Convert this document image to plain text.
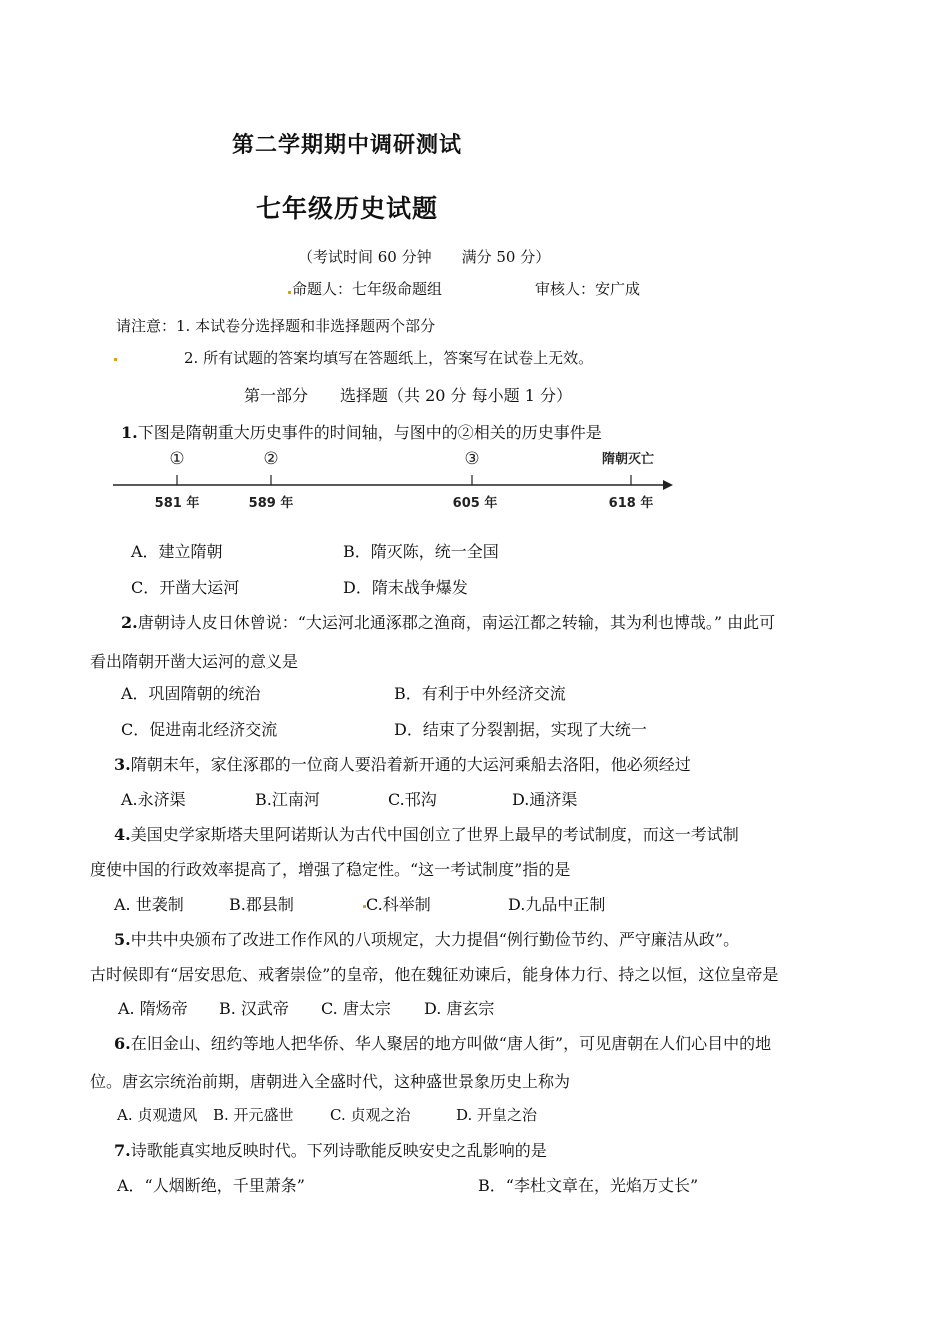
第二学期期中调研测试
七年级历史试题
（考试时间 60 分钟　　满分 50 分）
命题人：七年级命题组	审核人：安广成
请注意：1. 本试卷分选择题和非选择题两个部分
2. 所有试题的答案均填写在答题纸上，答案写在试卷上无效。
第一部分　　选择题（共 20 分 每小题 1 分）
1.下图是隋朝重大历史事件的时间轴，与图中的②相关的历史事件是
①	②	③	隋朝灭亡
581 年	589 年	605 年	618 年
A．建立隋朝	B．隋灭陈，统一全国
C．开凿大运河	D．隋末战争爆发
2.唐朝诗人皮日休曾说：“大运河北通涿郡之渔商，南运江都之转输，其为利也博哉。” 由此可
看出隋朝开凿大运河的意义是
A．巩固隋朝的统治	B．有利于中外经济交流
C．促进南北经济交流	D．结束了分裂割据，实现了大统一
3.隋朝末年，家住涿郡的一位商人要沿着新开通的大运河乘船去洛阳，他必须经过
A.永济渠	B.江南河	C.邗沟	D.通济渠
4.美国史学家斯塔夫里阿诺斯认为古代中国创立了世界上最早的考试制度，而这一考试制
度使中国的行政效率提高了，增强了稳定性。“这一考试制度”指的是
A. 世袭制	B.郡县制	C.科举制	D.九品中正制
5.中共中央颁布了改进工作作风的八项规定，大力提倡“例行勤俭节约、严守廉洁从政”。
古时候即有“居安思危、戒奢崇俭”的皇帝，他在魏征劝谏后，能身体力行、持之以恒，这位皇帝是
A. 隋炀帝 B. 汉武帝 C. 唐太宗 D. 唐玄宗
6.在旧金山、纽约等地人把华侨、华人聚居的地方叫做“唐人街”，可见唐朝在人们心目中的地
位。唐玄宗统治前期，唐朝进入全盛时代，这种盛世景象历史上称为
A. 贞观遗风 B. 开元盛世 C. 贞观之治	D. 开皇之治
7.诗歌能真实地反映时代。下列诗歌能反映安史之乱影响的是
A．“人烟断绝，千里萧条”	B．“李杜文章在，光焰万丈长”
